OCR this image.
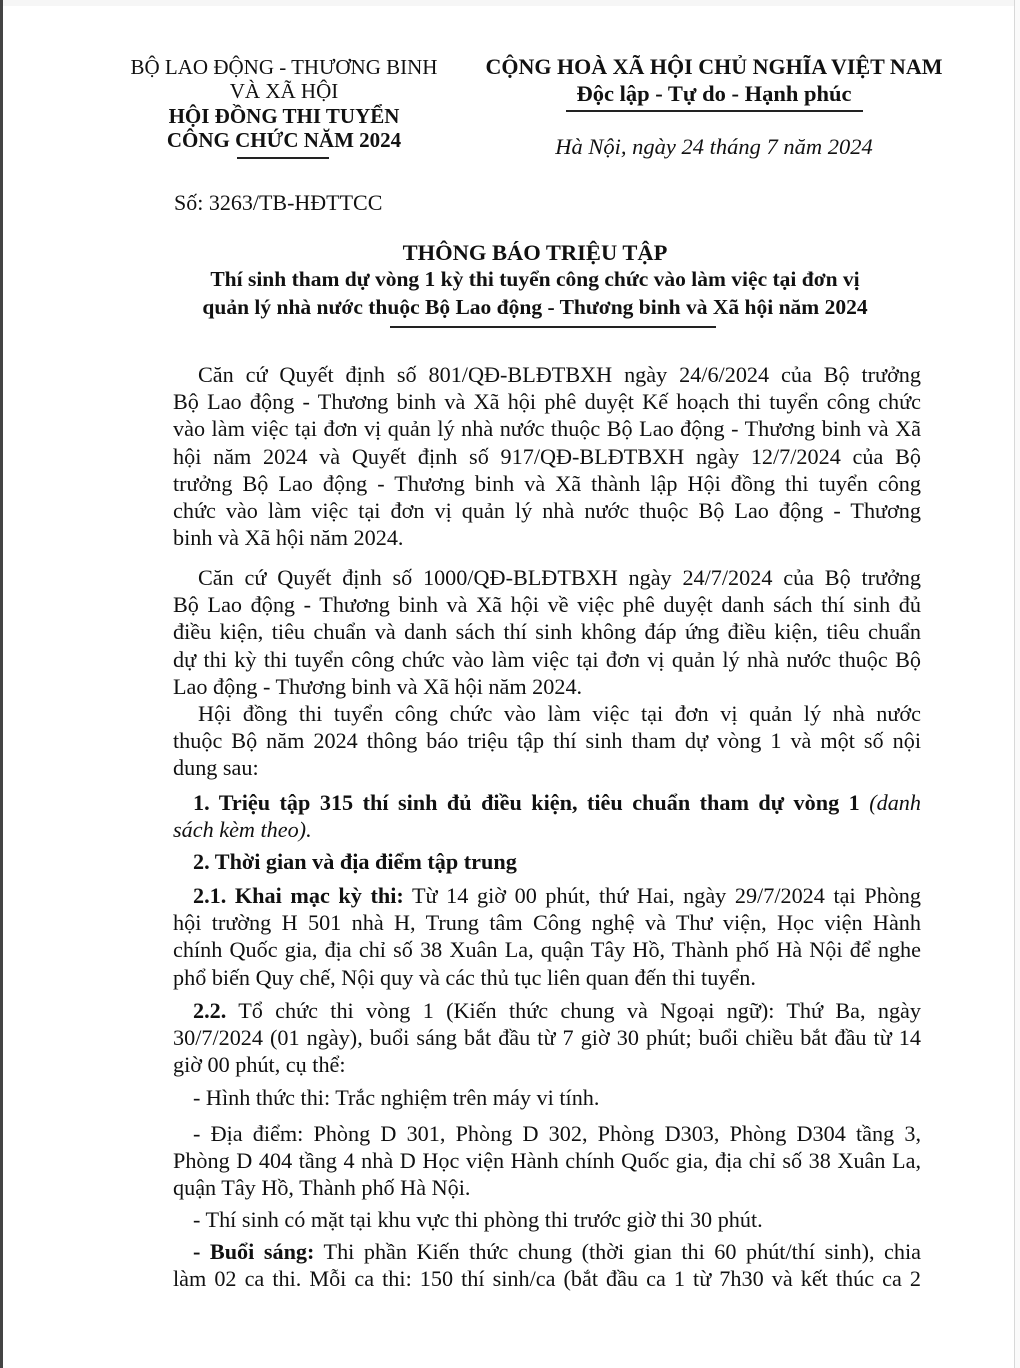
BỘ LAO ĐỘNG - THƯƠNG BINH
VÀ XÃ HỘI
HỘI ĐỒNG THI TUYỂN
CÔNG CHỨC NĂM 2024
Số: 3263/TB-HĐTTCC
CỘNG HOÀ XÃ HỘI CHỦ NGHĨA VIỆT NAM
Độc lập - Tự do - Hạnh phúc
Hà Nội, ngày 24 tháng 7 năm 2024
THÔNG BÁO TRIỆU TẬP
Thí sinh tham dự vòng 1 kỳ thi tuyển công chức vào làm việc tại đơn vị
quản lý nhà nước thuộc Bộ Lao động - Thương binh và Xã hội năm 2024
Căn cứ Quyết định số 801/QĐ-BLĐTBXH ngày 24/6/2024 của Bộ trưởng
Bộ Lao động - Thương binh và Xã hội phê duyệt Kế hoạch thi tuyển công chức
vào làm việc tại đơn vị quản lý nhà nước thuộc Bộ Lao động - Thương binh và Xã
hội năm 2024 và Quyết định số 917/QĐ-BLĐTBXH ngày 12/7/2024 của Bộ
trưởng Bộ Lao động - Thương binh và Xã thành lập Hội đồng thi tuyển công
chức vào làm việc tại đơn vị quản lý nhà nước thuộc Bộ Lao động - Thương
binh và Xã hội năm 2024.
Căn cứ Quyết định số 1000/QĐ-BLĐTBXH ngày 24/7/2024 của Bộ trưởng
Bộ Lao động - Thương binh và Xã hội về việc phê duyệt danh sách thí sinh đủ
điều kiện, tiêu chuẩn và danh sách thí sinh không đáp ứng điều kiện, tiêu chuẩn
dự thi kỳ thi tuyển công chức vào làm việc tại đơn vị quản lý nhà nước thuộc Bộ
Lao động - Thương binh và Xã hội năm 2024.
Hội đồng thi tuyển công chức vào làm việc tại đơn vị quản lý nhà nước
thuộc Bộ năm 2024 thông báo triệu tập thí sinh tham dự vòng 1 và một số nội
dung sau:
1. Triệu tập 315 thí sinh đủ điều kiện, tiêu chuẩn tham dự vòng 1 (danh
sách kèm theo).
2. Thời gian và địa điểm tập trung
2.1. Khai mạc kỳ thi: Từ 14 giờ 00 phút, thứ Hai, ngày 29/7/2024 tại Phòng
hội trường H 501 nhà H, Trung tâm Công nghệ và Thư viện, Học viện Hành
chính Quốc gia, địa chỉ số 38 Xuân La, quận Tây Hồ, Thành phố Hà Nội để nghe
phổ biến Quy chế, Nội quy và các thủ tục liên quan đến thi tuyển.
2.2. Tổ chức thi vòng 1 (Kiến thức chung và Ngoại ngữ): Thứ Ba, ngày
30/7/2024 (01 ngày), buổi sáng bắt đầu từ 7 giờ 30 phút; buổi chiều bắt đầu từ 14
giờ 00 phút, cụ thể:
- Hình thức thi: Trắc nghiệm trên máy vi tính.
- Địa điểm: Phòng D 301, Phòng D 302, Phòng D303, Phòng D304 tầng 3,
Phòng D 404 tầng 4 nhà D Học viện Hành chính Quốc gia, địa chỉ số 38 Xuân La,
quận Tây Hồ, Thành phố Hà Nội.
- Thí sinh có mặt tại khu vực thi phòng thi trước giờ thi 30 phút.
- Buổi sáng: Thi phần Kiến thức chung (thời gian thi 60 phút/thí sinh), chia
làm 02 ca thi. Mỗi ca thi: 150 thí sinh/ca (bắt đầu ca 1 từ 7h30 và kết thúc ca 2
